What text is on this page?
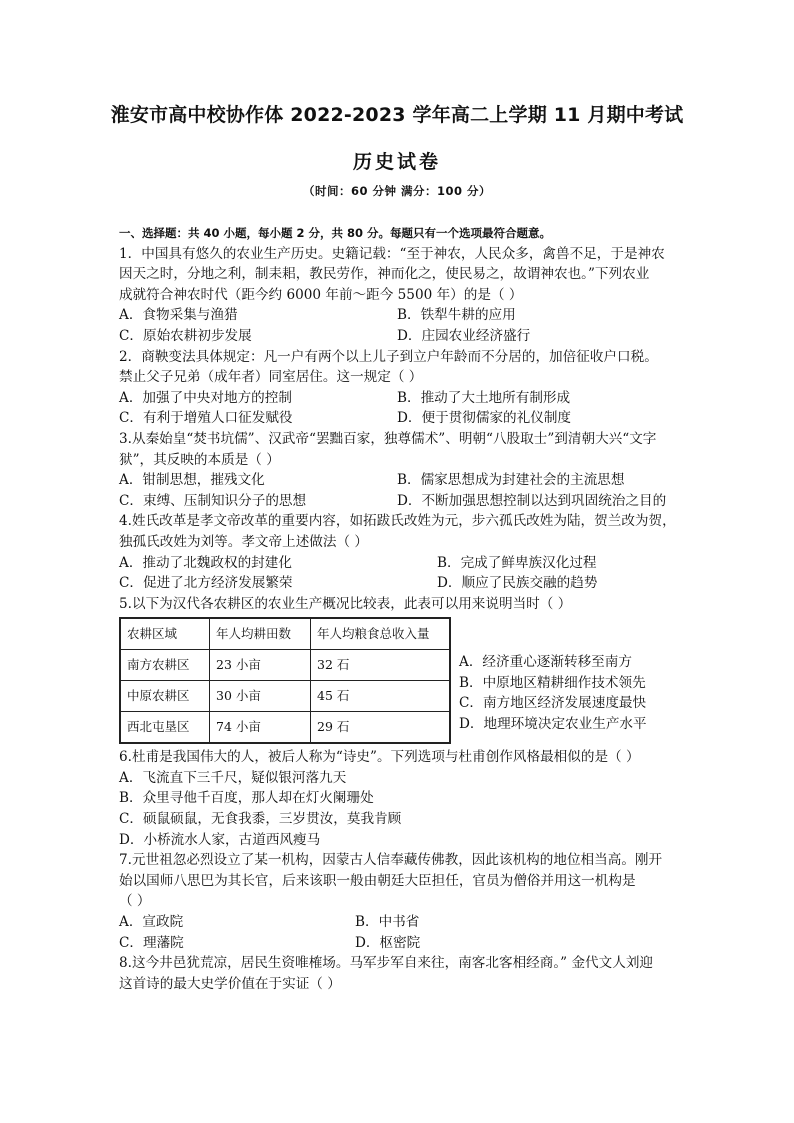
淮安市高中校协作体 2022-2023 学年高二上学期 11 月期中考试
历史试卷
（时间：60 分钟 满分：100 分）
一、选择题：共 40 小题，每小题 2 分，共 80 分。每题只有一个选项最符合题意。
1．中国具有悠久的农业生产历史。史籍记载：“至于神农，人民众多，禽兽不足，于是神农
因天之时，分地之利，制耒耜，教民劳作，神而化之，使民易之，故谓神农也。”下列农业
成就符合神农时代（距今约 6000 年前～距今 5500 年）的是（ ）
A．食物采集与渔猎	B．铁犁牛耕的应用
C．原始农耕初步发展	D．庄园农业经济盛行
2．商鞅变法具体规定：凡一户有两个以上儿子到立户年龄而不分居的，加倍征收户口税。
禁止父子兄弟（成年者）同室居住。这一规定（ ）
A．加强了中央对地方的控制	B．推动了大土地所有制形成
C．有利于增殖人口征发赋役	D．便于贯彻儒家的礼仪制度
3.从秦始皇“焚书坑儒”、汉武帝“罢黜百家，独尊儒术”、明朝“八股取士”到清朝大兴“文字
狱”，其反映的本质是（ ）
A．钳制思想，摧残文化	B．儒家思想成为封建社会的主流思想
C．束缚、压制知识分子的思想	D．不断加强思想控制以达到巩固统治之目的
4.姓氏改革是孝文帝改革的重要内容，如拓跋氏改姓为元，步六孤氏改姓为陆，贺兰改为贺，
独孤氏改姓为刘等。孝文帝上述做法（ ）
A．推动了北魏政权的封建化	B．完成了鲜卑族汉化过程
C．促进了北方经济发展繁荣	D．顺应了民族交融的趋势
5.以下为汉代各农耕区的农业生产概况比较表，此表可以用来说明当时（ ）
农耕区域	年人均耕田数	年人均粮食总收入量
南方农耕区	23 小亩	32 石
中原农耕区	30 小亩	45 石
西北屯垦区	74 小亩	29 石
A．经济重心逐渐转移至南方
B．中原地区精耕细作技术领先
C．南方地区经济发展速度最快
D．地理环境决定农业生产水平
6.杜甫是我国伟大的人，被后人称为“诗史”。下列选项与杜甫创作风格最相似的是（ ）
A．飞流直下三千尺，疑似银河落九天
B．众里寻他千百度，那人却在灯火阑珊处
C．硕鼠硕鼠，无食我黍，三岁贯汝，莫我肯顾
D．小桥流水人家，古道西风瘦马
7.元世祖忽必烈设立了某一机构，因蒙古人信奉藏传佛教，因此该机构的地位相当高。刚开
始以国师八思巴为其长官，后来该职一般由朝廷大臣担任，官员为僧俗并用这一机构是
（ ）
A．宣政院	B．中书省
C．理藩院	D．枢密院
8.这今井邑犹荒凉，居民生资唯榷场。马军步军自来往，南客北客相经商。” 金代文人刘迎
这首诗的最大史学价值在于实证（ ）
